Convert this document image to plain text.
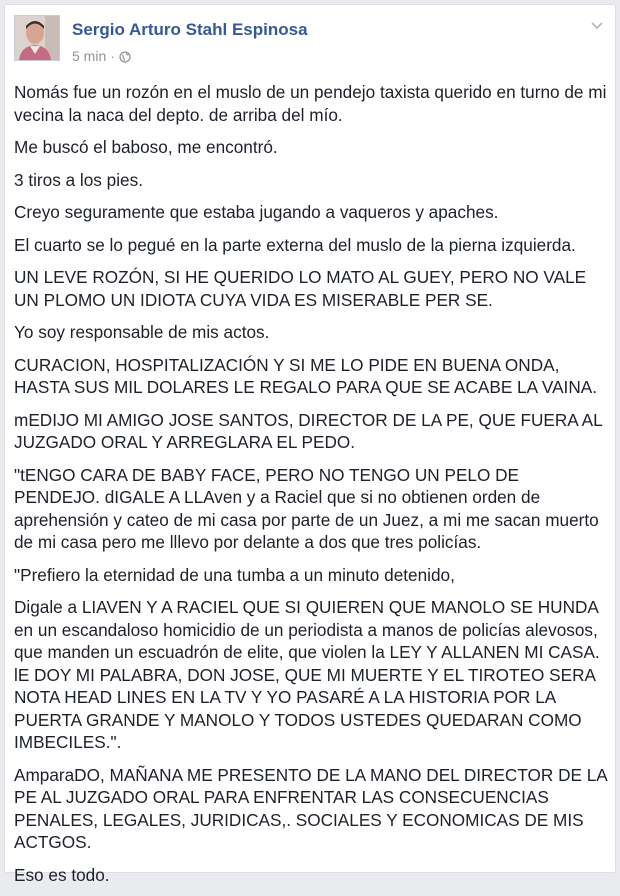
Sergio Arturo Stahl Espinosa
5 min ·

Nomás fue un rozón en el muslo de un pendejo taxista querido en turno de mi
vecina la naca del depto. de arriba del mío.

Me buscó el baboso, me encontró.

3 tiros a los pies.

Creyo seguramente que estaba jugando a vaqueros y apaches.

El cuarto se lo pegué en la parte externa del muslo de la pierna izquierda.

UN LEVE ROZÓN, SI HE QUERIDO LO MATO AL GUEY, PERO NO VALE
UN PLOMO UN IDIOTA CUYA VIDA ES MISERABLE PER SE.

Yo soy responsable de mis actos.

CURACION, HOSPITALIZACIÓN Y SI ME LO PIDE EN BUENA ONDA,
HASTA SUS MIL DOLARES LE REGALO PARA QUE SE ACABE LA VAINA.

mEDIJO MI AMIGO JOSE SANTOS, DIRECTOR DE LA PE, QUE FUERA AL
JUZGADO ORAL Y ARREGLARA EL PEDO.

"tENGO CARA DE BABY FACE, PERO NO TENGO UN PELO DE
PENDEJO. dIGALE A LLAven y a Raciel que si no obtienen orden de
aprehensión y cateo de mi casa por parte de un Juez, a mi me sacan muerto
de mi casa pero me lllevo por delante a dos que tres policías.

"Prefiero la eternidad de una tumba a un minuto detenido,

Digale a LIAVEN Y A RACIEL QUE SI QUIEREN QUE MANOLO SE HUNDA
en un escandaloso homicidio de un periodista a manos de policías alevosos,
que manden un escuadrón de elite, que violen la LEY Y ALLANEN MI CASA.
lE DOY MI PALABRA, DON JOSE, QUE MI MUERTE Y EL TIROTEO SERA
NOTA HEAD LINES EN LA TV Y YO PASARÉ A LA HISTORIA POR LA
PUERTA GRANDE Y MANOLO Y TODOS USTEDES QUEDARAN COMO
IMBECILES.".

AmparaDO, MAÑANA ME PRESENTO DE LA MANO DEL DIRECTOR DE LA
PE AL JUZGADO ORAL PARA ENFRENTAR LAS CONSECUENCIAS
PENALES, LEGALES, JURIDICAS,. SOCIALES Y ECONOMICAS DE MIS
ACTGOS.

Eso es todo.
